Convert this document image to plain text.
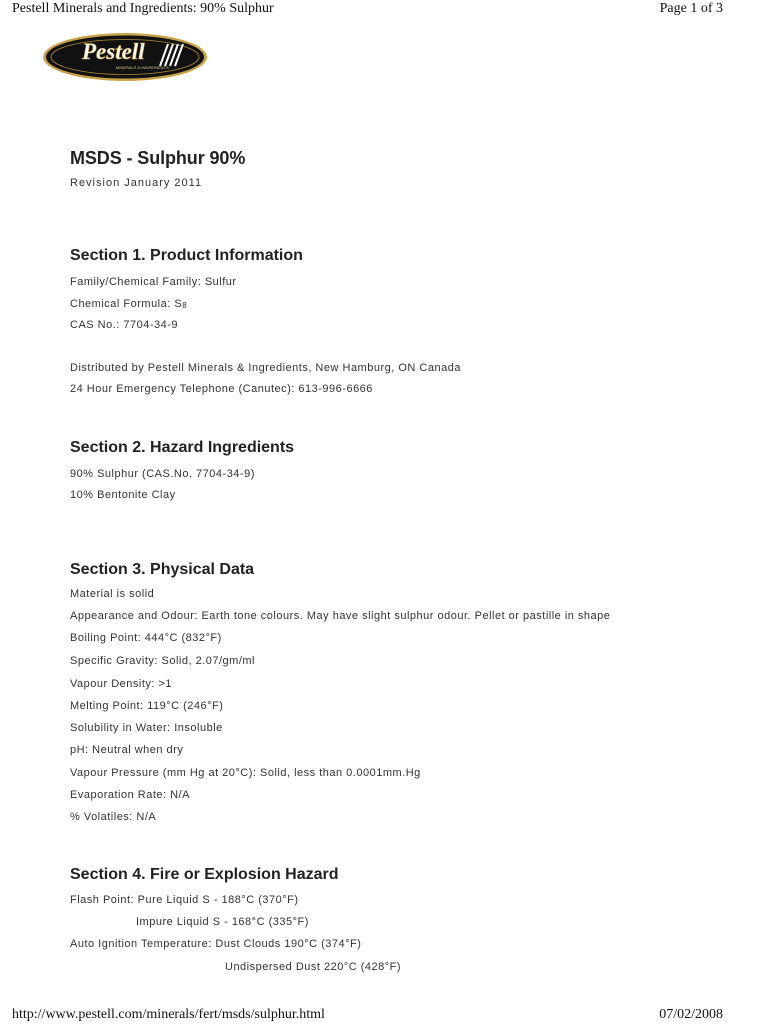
Pestell Minerals and Ingredients: 90% Sulphur	Page 1 of 3
Pestell
MINERALS & INGREDIENTS
MSDS - Sulphur 90%
Revision January 2011
Section 1. Product Information
Family/Chemical Family: Sulfur
Chemical Formula: $S_8$
CAS No.: 7704-34-9
Distributed by Pestell Minerals & Ingredients, New Hamburg, ON Canada
24 Hour Emergency Telephone (Canutec): 613-996-6666
Section 2. Hazard Ingredients
90% Sulphur (CAS.No. 7704-34-9)
10% Bentonite Clay
Section 3. Physical Data
Material is solid
Appearance and Odour: Earth tone colours. May have slight sulphur odour. Pellet or pastille in shape
Boiling Point: 444°C (832°F)
Specific Gravity: Solid, 2.07/gm/ml
Vapour Density: >1
Melting Point: 119°C (246°F)
Solubility in Water: Insoluble
pH: Neutral when dry
Vapour Pressure (mm Hg at 20°C): Solid, less than 0.0001mm.Hg
Evaporation Rate: N/A
% Volatiles: N/A
Section 4. Fire or Explosion Hazard
Flash Point: Pure Liquid S - 188°C (370°F)
Impure Liquid S - 168°C (335°F)
Auto Ignition Temperature: Dust Clouds 190°C (374°F)
Undispersed Dust 220°C (428°F)
http://www.pestell.com/minerals/fert/msds/sulphur.html	07/02/2008
